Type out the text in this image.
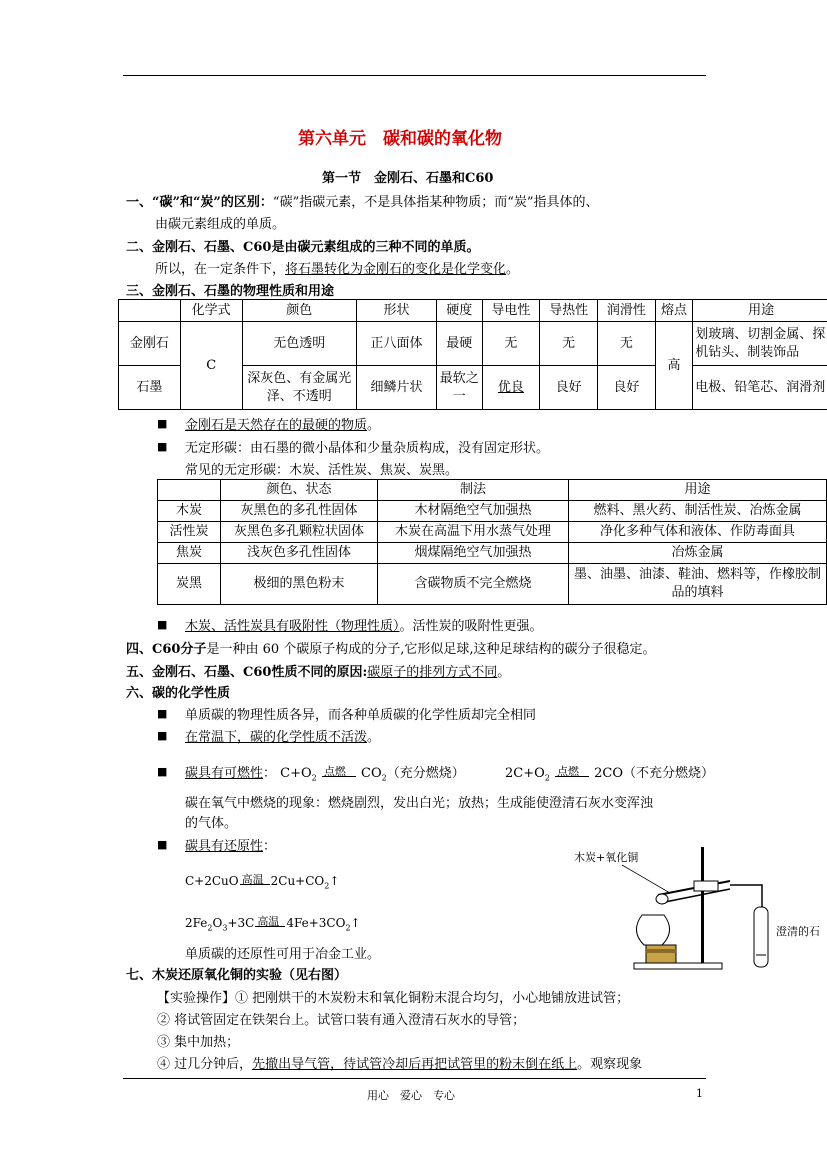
第六单元　碳和碳的氧化物
第一节　金刚石、石墨和C60
一、“碳”和“炭”的区别：“碳”指碳元素，不是具体指某种物质；而“炭”指具体的、
由碳元素组成的单质。
二、金刚石、石墨、C60是由碳元素组成的三种不同的单质。
所以，在一定条件下，将石墨转化为金刚石的变化是化学变化。
三、金刚石、石墨的物理性质和用途
	化学式	颜色	形状	硬度	导电性	导热性	润滑性	熔点	用途
金刚石	C	无色透明	正八面体	最硬	无	无	无	高	划玻璃、切割金属、探机钻头、制装饰品
石墨		深灰色、有金属光泽、不透明	细鳞片状	最软之一	优良	良好	良好		电极、铅笔芯、润滑剂
■ 金刚石是天然存在的最硬的物质。
■ 无定形碳：由石墨的微小晶体和少量杂质构成，没有固定形状。
常见的无定形碳：木炭、活性炭、焦炭、炭黑。
	颜色、状态	制法	用途
木炭	灰黑色的多孔性固体	木材隔绝空气加强热	燃料、黑火药、制活性炭、冶炼金属
活性炭	灰黑色多孔颗粒状固体	木炭在高温下用水蒸气处理	净化多种气体和液体、作防毒面具
焦炭	浅灰色多孔性固体	烟煤隔绝空气加强热	冶炼金属
炭黑	极细的黑色粉末	含碳物质不完全燃烧	墨、油墨、油漆、鞋油、燃料等，作橡胶制品的填料
■ 木炭、活性炭具有吸附性（物理性质）。活性炭的吸附性更强。
四、C60分子是一种由 60 个碳原子构成的分子,它形似足球,这种足球结构的碳分子很稳定。
五、金刚石、石墨、C60性质不同的原因:碳原子的排列方式不同。
六、碳的化学性质
■ 单质碳的物理性质各异，而各种单质碳的化学性质却完全相同
■ 在常温下，碳的化学性质不活泼。
■ 碳具有可燃性： $C+O_2$
点燃 $CO_2$（充分燃烧）	$2C+O_2$
点燃 2CO（不充分燃烧）
碳在氧气中燃烧的现象：燃烧剧烈，发出白光；放热；生成能使澄清石灰水变浑浊
的气体。
■ 碳具有还原性：
C+2CuO 高温 $2Cu+CO_2↑$
$2Fe_2O_3+3C$ 高温 $4Fe+3CO_2↑$
单质碳的还原性可用于冶金工业。
木炭+氧化铜
澄清的石
七、木炭还原氧化铜的实验（见右图）
【实验操作】① 把刚烘干的木炭粉末和氧化铜粉末混合均匀，小心地铺放进试管；
② 将试管固定在铁架台上。试管口装有通入澄清石灰水的导管；
③ 集中加热；
④ 过几分钟后，先撤出导气管，待试管冷却后再把试管里的粉末倒在纸上。观察现象
用心　爱心　专心	1
